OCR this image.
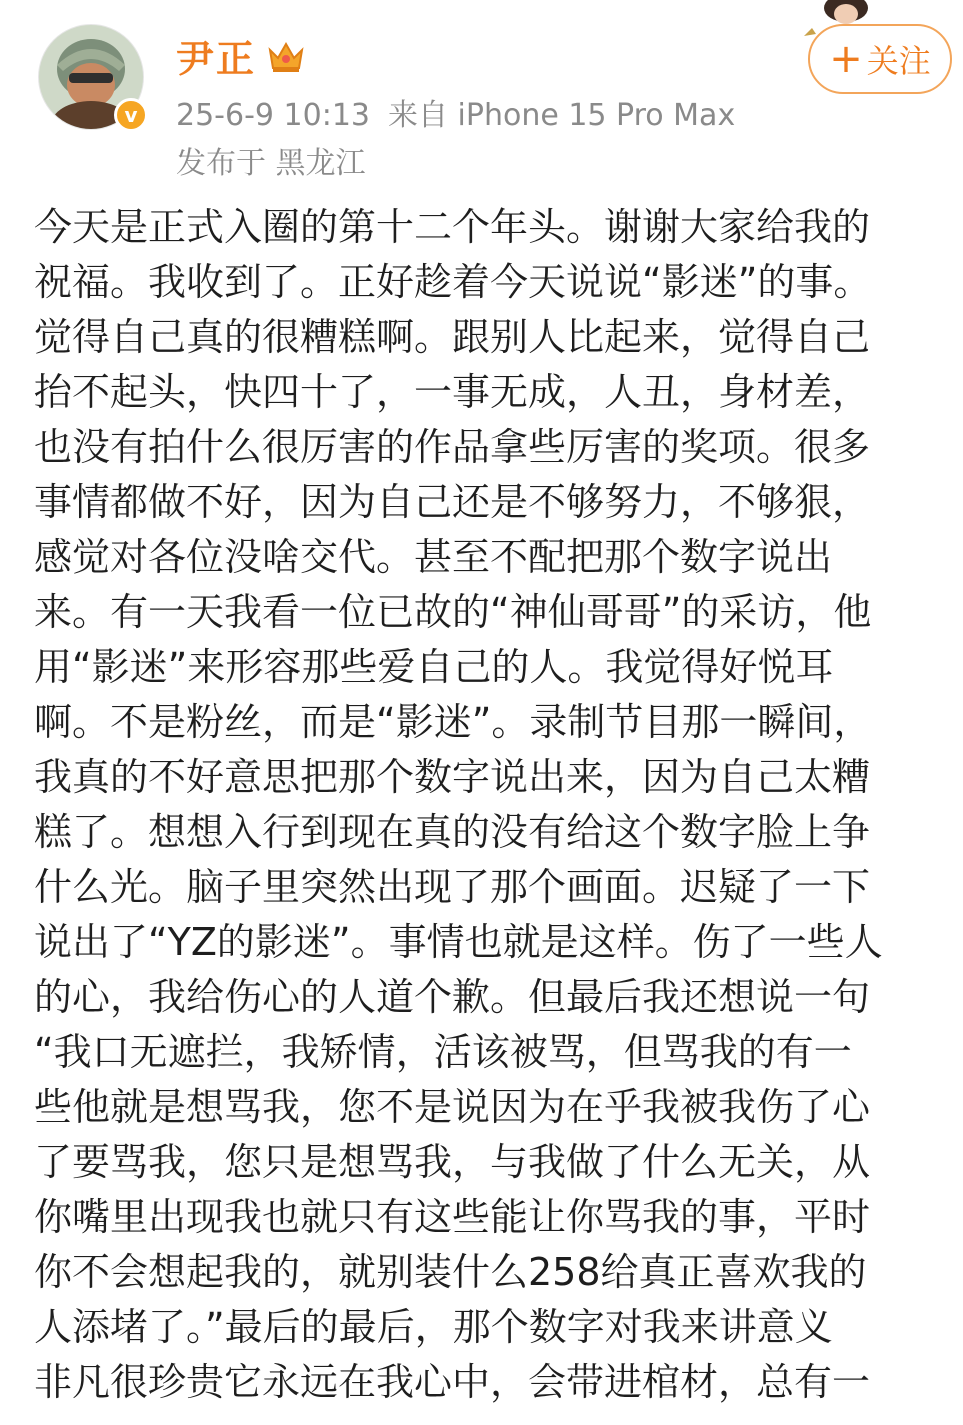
v
尹正
25-6-9 10:13 来自 iPhone 15 Pro Max
发布于 黑龙江
+ 关注
今天是正式入圈的第十二个年头。谢谢大家给我的
祝福。我收到了。正好趁着今天说说“影迷”的事。
觉得自己真的很糟糕啊。跟别人比起来，觉得自己
抬不起头，快四十了，一事无成，人丑，身材差，
也没有拍什么很厉害的作品拿些厉害的奖项。很多
事情都做不好，因为自己还是不够努力，不够狠，
感觉对各位没啥交代。甚至不配把那个数字说出
来。有一天我看一位已故的“神仙哥哥”的采访，他
用“影迷”来形容那些爱自己的人。我觉得好悦耳
啊。不是粉丝，而是“影迷”。录制节目那一瞬间，
我真的不好意思把那个数字说出来，因为自己太糟
糕了。想想入行到现在真的没有给这个数字脸上争
什么光。脑子里突然出现了那个画面。迟疑了一下
说出了“YZ的影迷”。事情也就是这样。伤了一些人
的心，我给伤心的人道个歉。但最后我还想说一句
“我口无遮拦，我矫情，活该被骂，但骂我的有一
些他就是想骂我，您不是说因为在乎我被我伤了心
了要骂我，您只是想骂我，与我做了什么无关，从
你嘴里出现我也就只有这些能让你骂我的事，平时
你不会想起我的，就别装什么258给真正喜欢我的
人添堵了。”最后的最后，那个数字对我来讲意义
非凡很珍贵它永远在我心中，会带进棺材，总有一
